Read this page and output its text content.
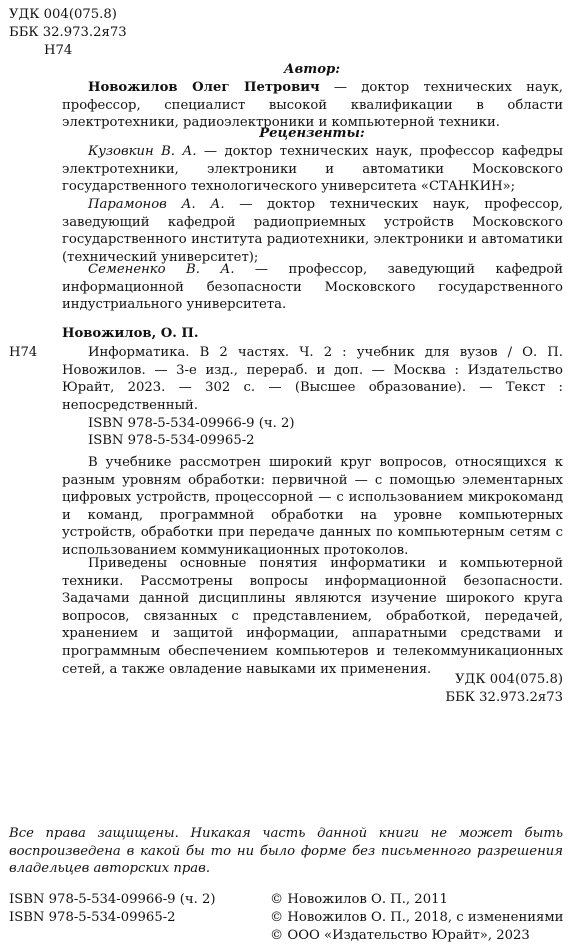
УДК 004(075.8)
ББК 32.973.2я73
Н74
Автор:

Новожилов Олег Петрович — доктор технических наук, профессор, специалист высокой квалификации в области электротехники, радиоэлектроники и компьютерной техники.

Рецензенты:

Кузовкин В. А. — доктор технических наук, профессор кафедры электротехники, электроники и автоматики Московского государственного технологического университета «СТАНКИН»;

Парамонов А. А. — доктор технических наук, профессор, заведующий кафедрой радиоприемных устройств Московского государственного института радиотехники, электроники и автоматики (технический университет);

Семененко В. А. — профессор, заведующий кафедрой информационной безопасности Московского государственного индустриального университета.

Новожилов, О. П.
Н74	Информатика. В 2 частях. Ч. 2 : учебник для вузов / О. П. Новожилов. — 3-е изд., перераб. и доп. — Москва : Издательство Юрайт, 2023. — 302 с. — (Высшее образование). — Текст : непосредственный.

ISBN 978-5-534-09966-9 (ч. 2)
ISBN 978-5-534-09965-2

В учебнике рассмотрен широкий круг вопросов, относящихся к разным уровням обработки: первичной — с помощью элементарных цифровых устройств, процессорной — с использованием микрокоманд и команд, программной обработки на уровне компьютерных устройств, обработки при передаче данных по компьютерным сетям с использованием коммуникационных протоколов.

Приведены основные понятия информатики и компьютерной техники. Рассмотрены вопросы информационной безопасности. Задачами данной дисциплины являются изучение широкого круга вопросов, связанных с представлением, обработкой, передачей, хранением и защитой информации, аппаратными средствами и программным обеспечением компьютеров и телекоммуникационных сетей, а также овладение навыками их применения.

УДК 004(075.8)
ББК 32.973.2я73

Все права защищены. Никакая часть данной книги не может быть воспроизведена в какой бы то ни было форме без письменного разрешения владельцев авторских прав.

ISBN 978-5-534-09966-9 (ч. 2)
ISBN 978-5-534-09965-2
© Новожилов О. П., 2011
© Новожилов О. П., 2018, с изменениями
© ООО «Издательство Юрайт», 2023
